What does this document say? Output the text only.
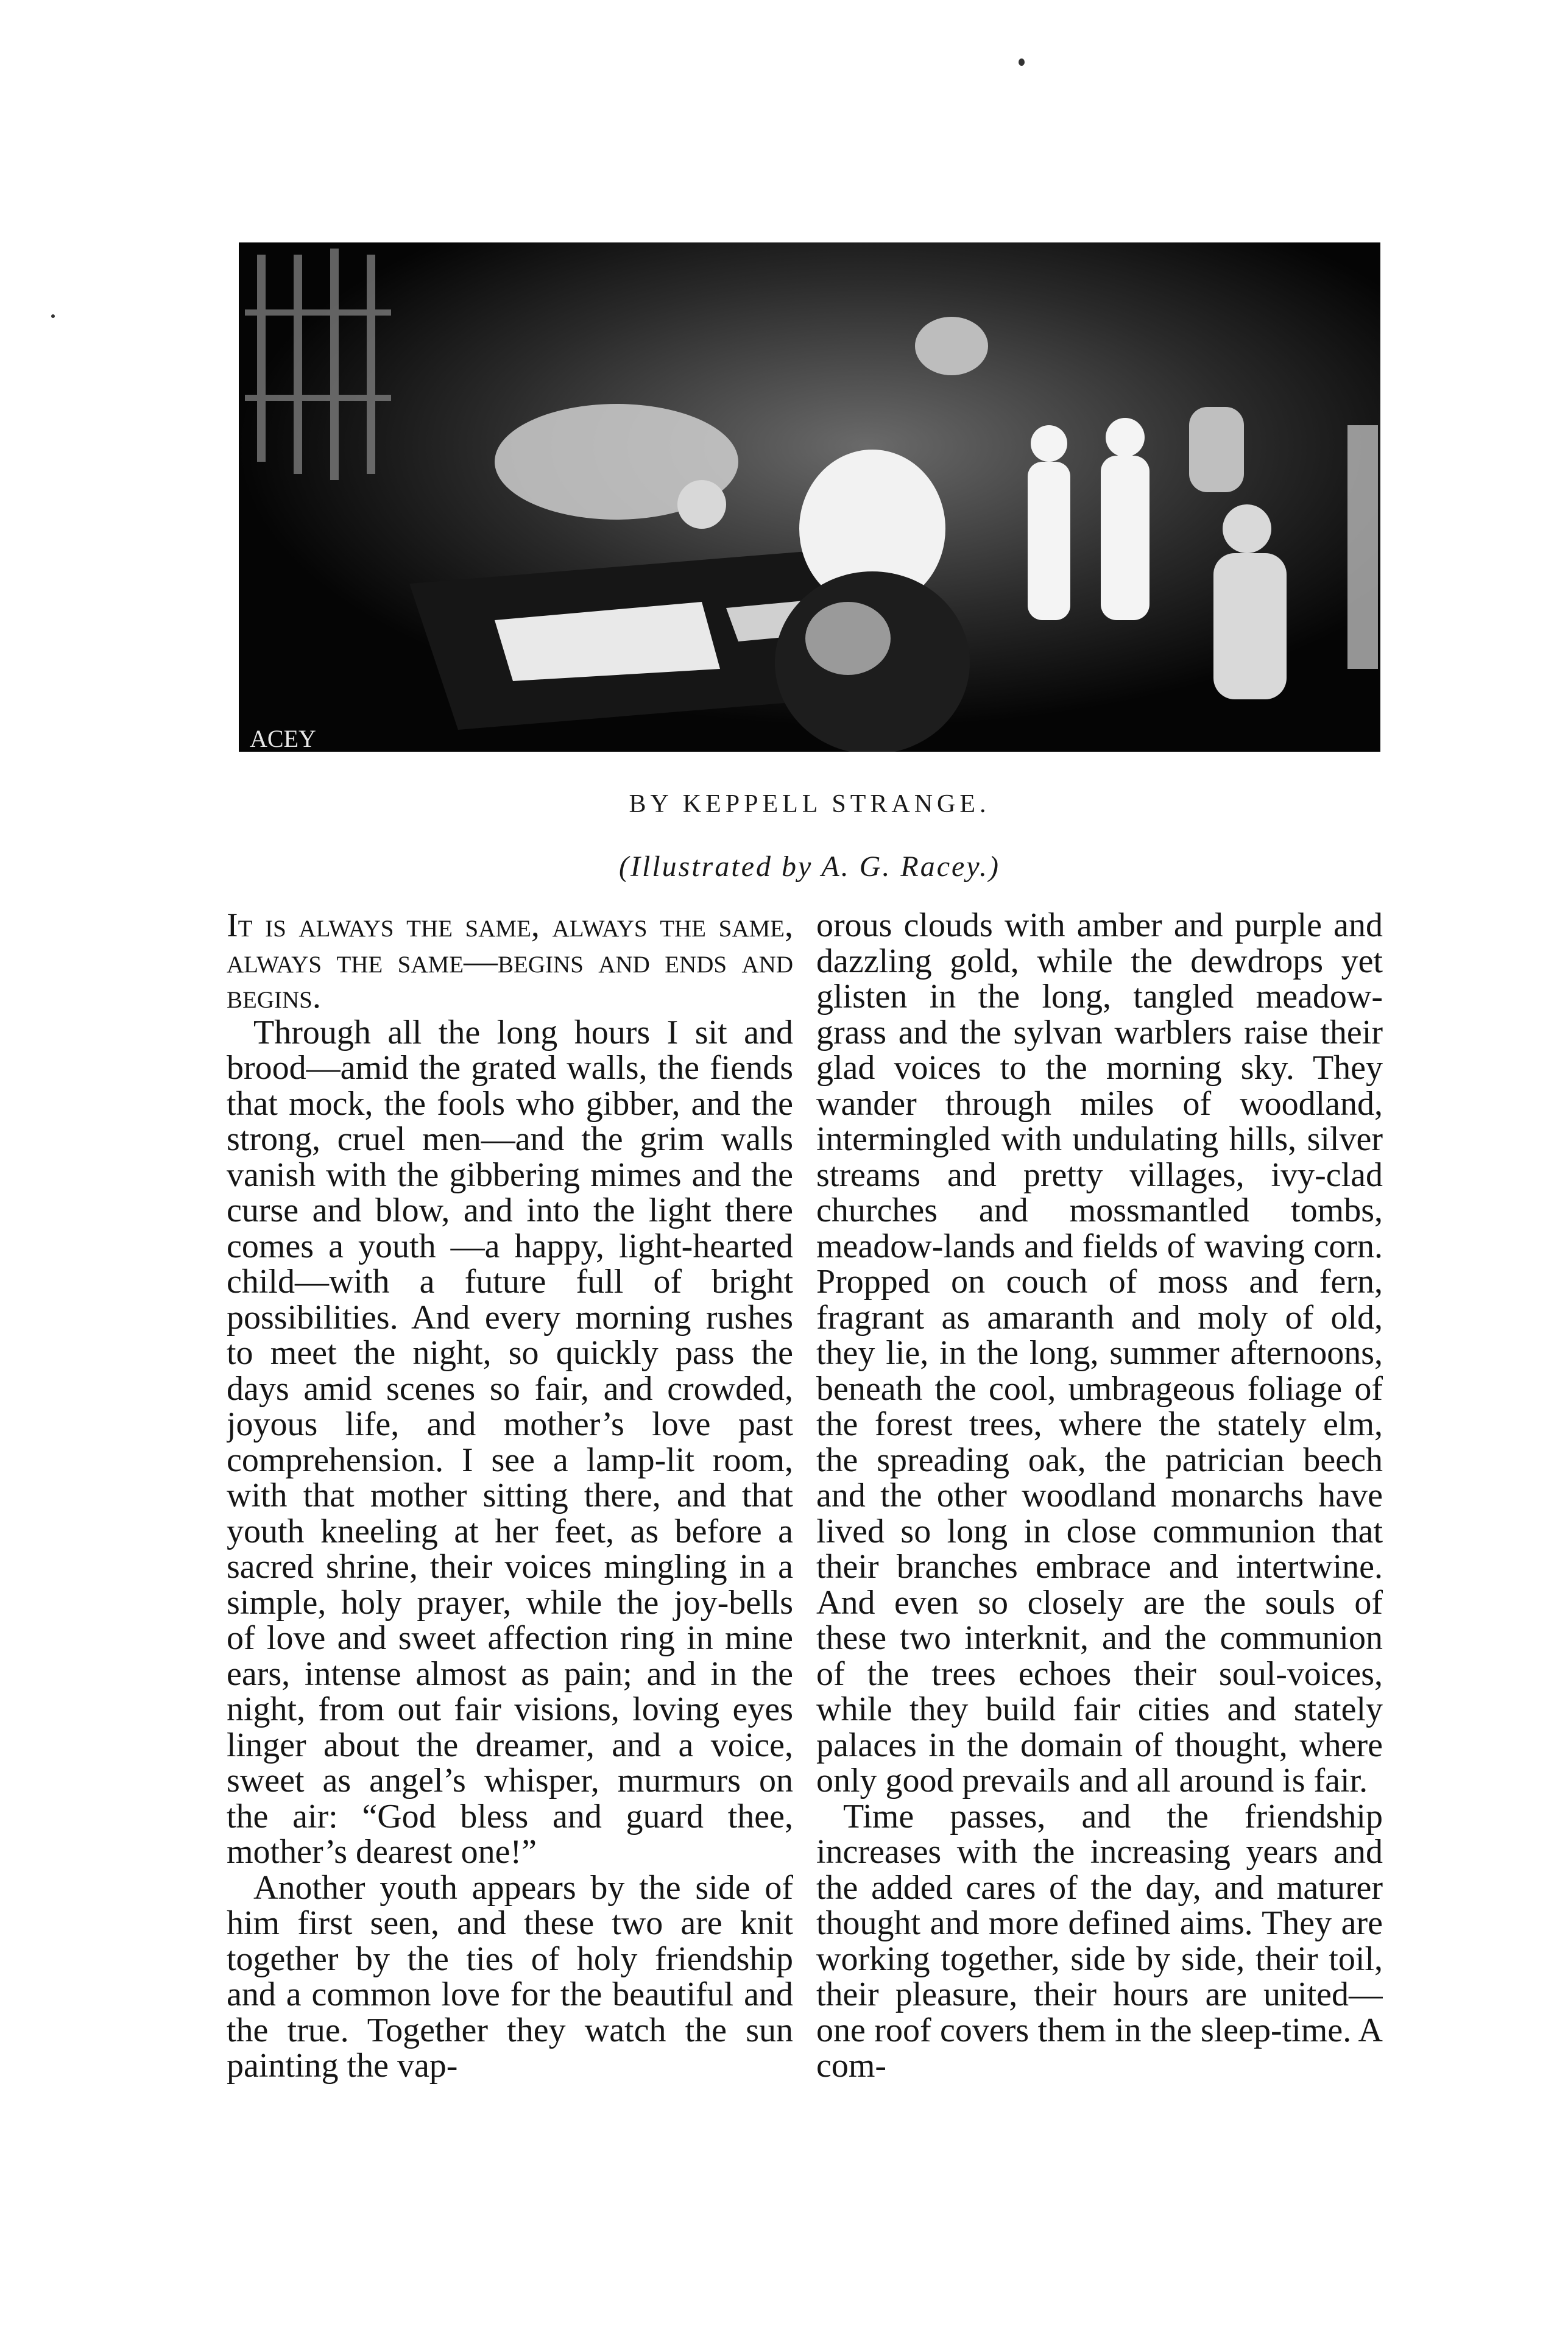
ACEY
BY KEPPELL STRANGE.
(Illustrated by A. G. Racey.)

It is always the same, always the same, always the same—begins and ends and begins.

Through all the long hours I sit and brood—amid the grated walls, the fiends that mock, the fools who gibber, and the strong, cruel men—and the grim walls vanish with the gibbering mimes and the curse and blow, and into the light there comes a youth —a happy, light-hearted child—with a future full of bright possibilities. And every morning rushes to meet the night, so quickly pass the days amid scenes so fair, and crowded, joyous life, and mother’s love past comprehension. I see a lamp-lit room, with that mother sitting there, and that youth kneeling at her feet, as before a sacred shrine, their voices mingling in a simple, holy prayer, while the joy-bells of love and sweet affection ring in mine ears, intense almost as pain; and in the night, from out fair visions, loving eyes linger about the dreamer, and a voice, sweet as angel’s whisper, murmurs on the air: “God bless and guard thee, mother’s dearest one!”

Another youth appears by the side of him first seen, and these two are knit together by the ties of holy friendship and a common love for the beautiful and the true. Together they watch the sun painting the vap-

orous clouds with amber and purple and dazzling gold, while the dewdrops yet glisten in the long, tangled meadow-grass and the sylvan warblers raise their glad voices to the morning sky. They wander through miles of woodland, intermingled with undulating hills, silver streams and pretty villages, ivy-clad churches and mossmantled tombs, meadow-lands and fields of waving corn. Propped on couch of moss and fern, fragrant as amaranth and moly of old, they lie, in the long, summer afternoons, beneath the cool, umbrageous foliage of the forest trees, where the stately elm, the spreading oak, the patrician beech and the other woodland monarchs have lived so long in close communion that their branches embrace and intertwine. And even so closely are the souls of these two interknit, and the communion of the trees echoes their soul-voices, while they build fair cities and stately palaces in the domain of thought, where only good prevails and all around is fair.

Time passes, and the friendship increases with the increasing years and the added cares of the day, and maturer thought and more defined aims. They are working together, side by side, their toil, their pleasure, their hours are united—one roof covers them in the sleep-time. A com-
